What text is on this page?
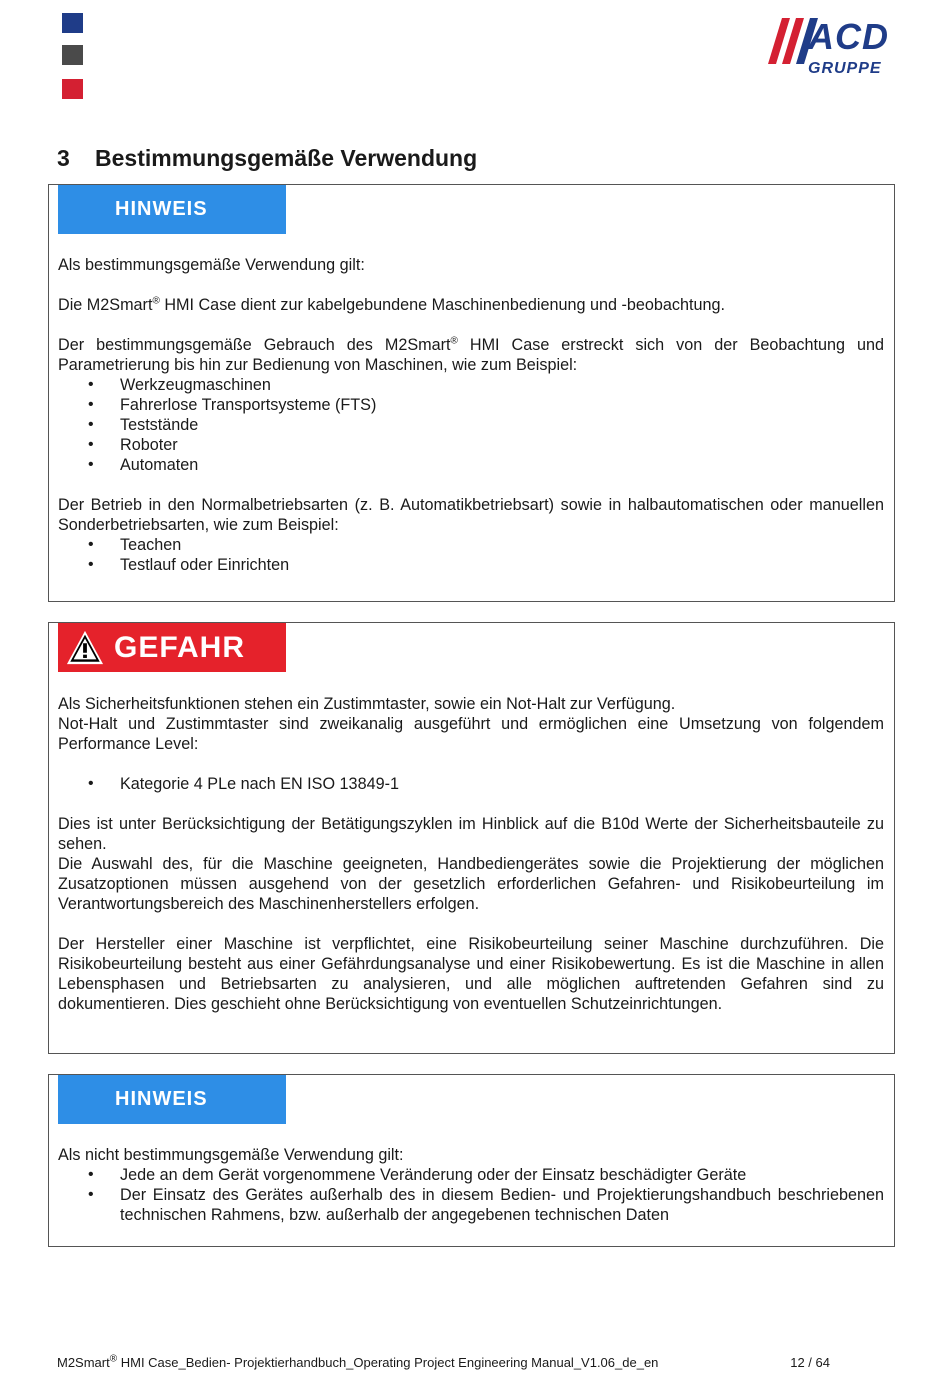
ACD
GRUPPE
3 Bestimmungsgemäße Verwendung
HINWEIS

Als bestimmungsgemäße Verwendung gilt:

Die M2Smart® HMI Case dient zur kabelgebundene Maschinenbedienung und -beobachtung.

Der bestimmungsgemäße Gebrauch des M2Smart® HMI Case erstreckt sich von der Beobachtung und Parametrierung bis hin zur Bedienung von Maschinen, wie zum Beispiel:

• Werkzeugmaschinen
• Fahrerlose Transportsysteme (FTS)
• Teststände
• Roboter
• Automaten

Der Betrieb in den Normalbetriebsarten (z. B. Automatikbetriebsart) sowie in halbautomatischen oder manuellen Sonderbetriebsarten, wie zum Beispiel:

• Teachen
• Testlauf oder Einrichten
GEFAHR

Als Sicherheitsfunktionen stehen ein Zustimmtaster, sowie ein Not-Halt zur Verfügung.

Not-Halt und Zustimmtaster sind zweikanalig ausgeführt und ermöglichen eine Umsetzung von folgendem Performance Level:

• Kategorie 4 PLe nach EN ISO 13849-1

Dies ist unter Berücksichtigung der Betätigungszyklen im Hinblick auf die B10d Werte der Sicherheitsbauteile zu sehen.

Die Auswahl des, für die Maschine geeigneten, Handbediengerätes sowie die Projektierung der möglichen Zusatzoptionen müssen ausgehend von der gesetzlich erforderlichen Gefahren- und Risikobeurteilung im Verantwortungsbereich des Maschinenherstellers erfolgen.

Der Hersteller einer Maschine ist verpflichtet, eine Risikobeurteilung seiner Maschine durchzuführen. Die Risikobeurteilung besteht aus einer Gefährdungsanalyse und einer Risikobewertung. Es ist die Maschine in allen Lebensphasen und Betriebsarten zu analysieren, und alle möglichen auftretenden Gefahren sind zu dokumentieren. Dies geschieht ohne Berücksichtigung von eventuellen Schutzeinrichtungen.

HINWEIS

Als nicht bestimmungsgemäße Verwendung gilt:

• Jede an dem Gerät vorgenommene Veränderung oder der Einsatz beschädigter Geräte
• Der Einsatz des Gerätes außerhalb des in diesem Bedien- und Projektierungshandbuch beschriebenen technischen Rahmens, bzw. außerhalb der angegebenen technischen Daten
M2Smart® HMI Case_Bedien- Projektierhandbuch_Operating Project Engineering Manual_V1.06_de_en	12 / 64
